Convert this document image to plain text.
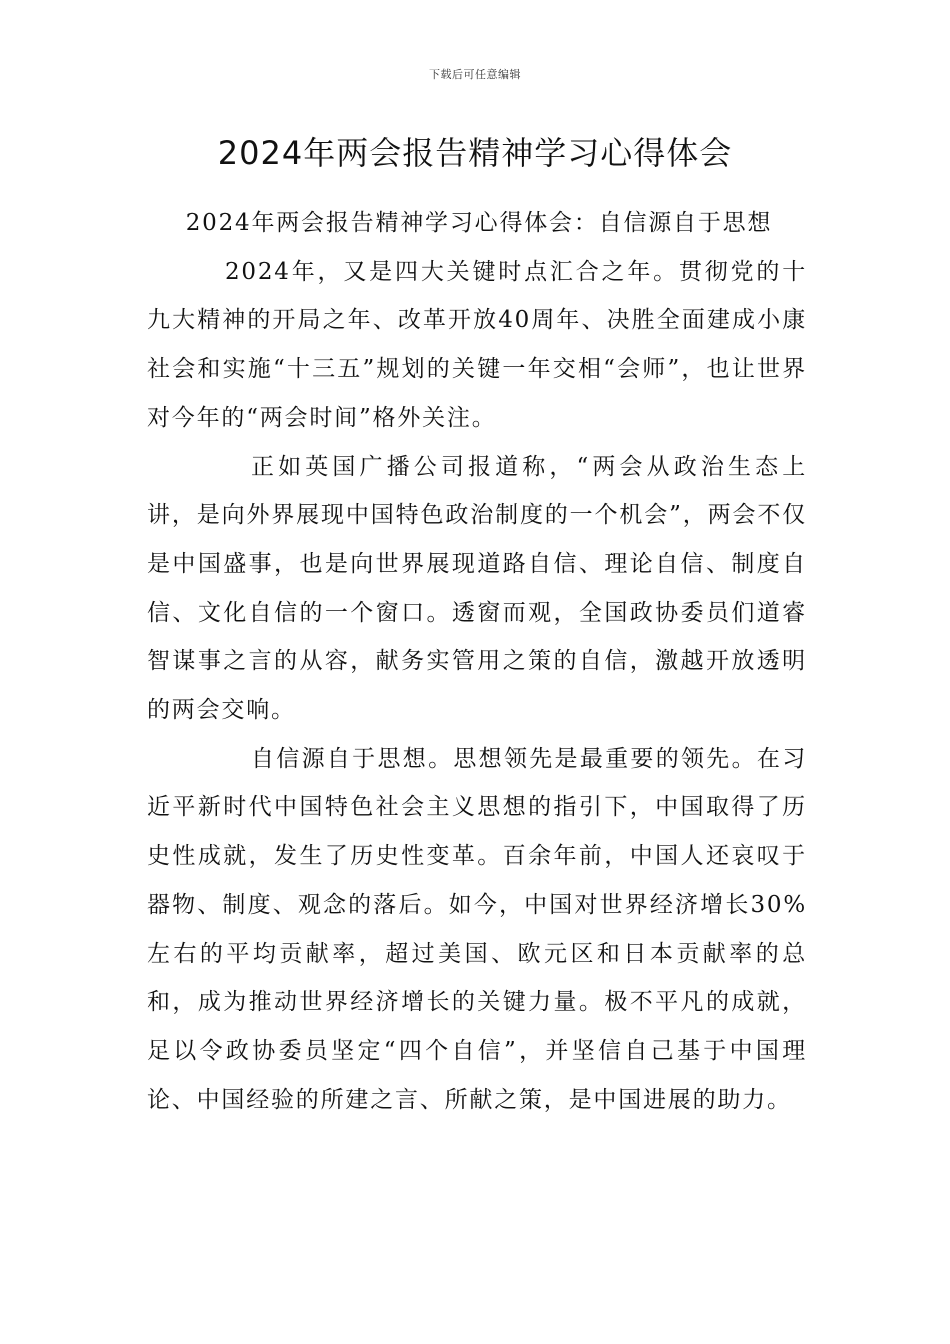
下载后可任意编辑
2024年两会报告精神学习心得体会

2024年两会报告精神学习心得体会：自信源自于思想

2024年，又是四大关键时点汇合之年。贯彻党的十九大精神的开局之年、改革开放40周年、决胜全面建成小康社会和实施“十三五”规划的关键一年交相“会师”，也让世界对今年的“两会时间”格外关注。

正如英国广播公司报道称，“两会从政治生态上讲，是向外界展现中国特色政治制度的一个机会”，两会不仅是中国盛事，也是向世界展现道路自信、理论自信、制度自信、文化自信的一个窗口。透窗而观，全国政协委员们道睿智谋事之言的从容，献务实管用之策的自信，激越开放透明的两会交响。

自信源自于思想。思想领先是最重要的领先。在习近平新时代中国特色社会主义思想的指引下，中国取得了历史性成就，发生了历史性变革。百余年前，中国人还哀叹于器物、制度、观念的落后。如今，中国对世界经济增长30%左右的平均贡献率，超过美国、欧元区和日本贡献率的总和，成为推动世界经济增长的关键力量。极不平凡的成就，足以令政协委员坚定“四个自信”，并坚信自己基于中国理论、中国经验的所建之言、所献之策，是中国进展的助力。
